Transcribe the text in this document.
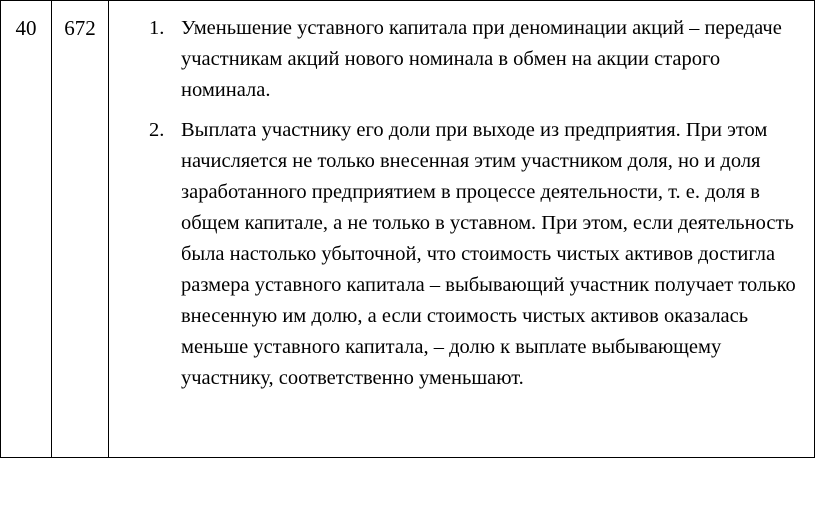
40	672	1. Уменьшение уставного капитала при деноминации акций – передаче участникам акций нового номинала в обмен на акции старого номинала.
2. Выплата участнику его доли при выходе из предприятия. При этом начисляется не только внесенная этим участником доля, но и доля заработанного предприятием в процессе деятельности, т. е. доля в общем капитале, а не только в уставном. При этом, если деятельность была настолько убыточной, что стоимость чистых активов достигла размера уставного капитала – выбывающий участник получает только внесенную им долю, а если стоимость чистых активов оказалась меньше уставного капитала, – долю к выплате выбывающему участнику, соответственно уменьшают.
